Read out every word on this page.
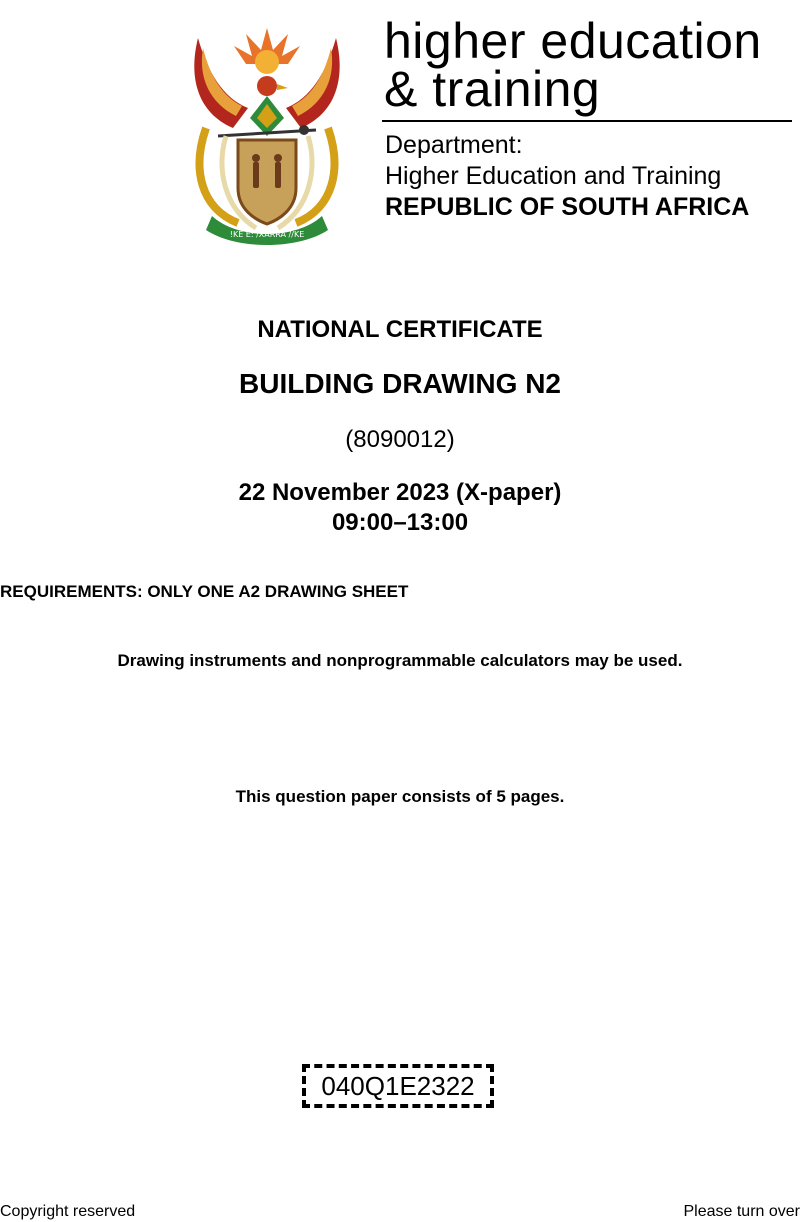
!KE E: /XARRA //KE
higher education
& training
Department:
Higher Education and Training
REPUBLIC OF SOUTH AFRICA
NATIONAL CERTIFICATE
BUILDING DRAWING N2
(8090012)
22 November 2023 (X-paper)
09:00–13:00
REQUIREMENTS: ONLY ONE A2 DRAWING SHEET
Drawing instruments and nonprogrammable calculators may be used.
This question paper consists of 5 pages.
040Q1E2322
Copyright reserved	Please turn over
